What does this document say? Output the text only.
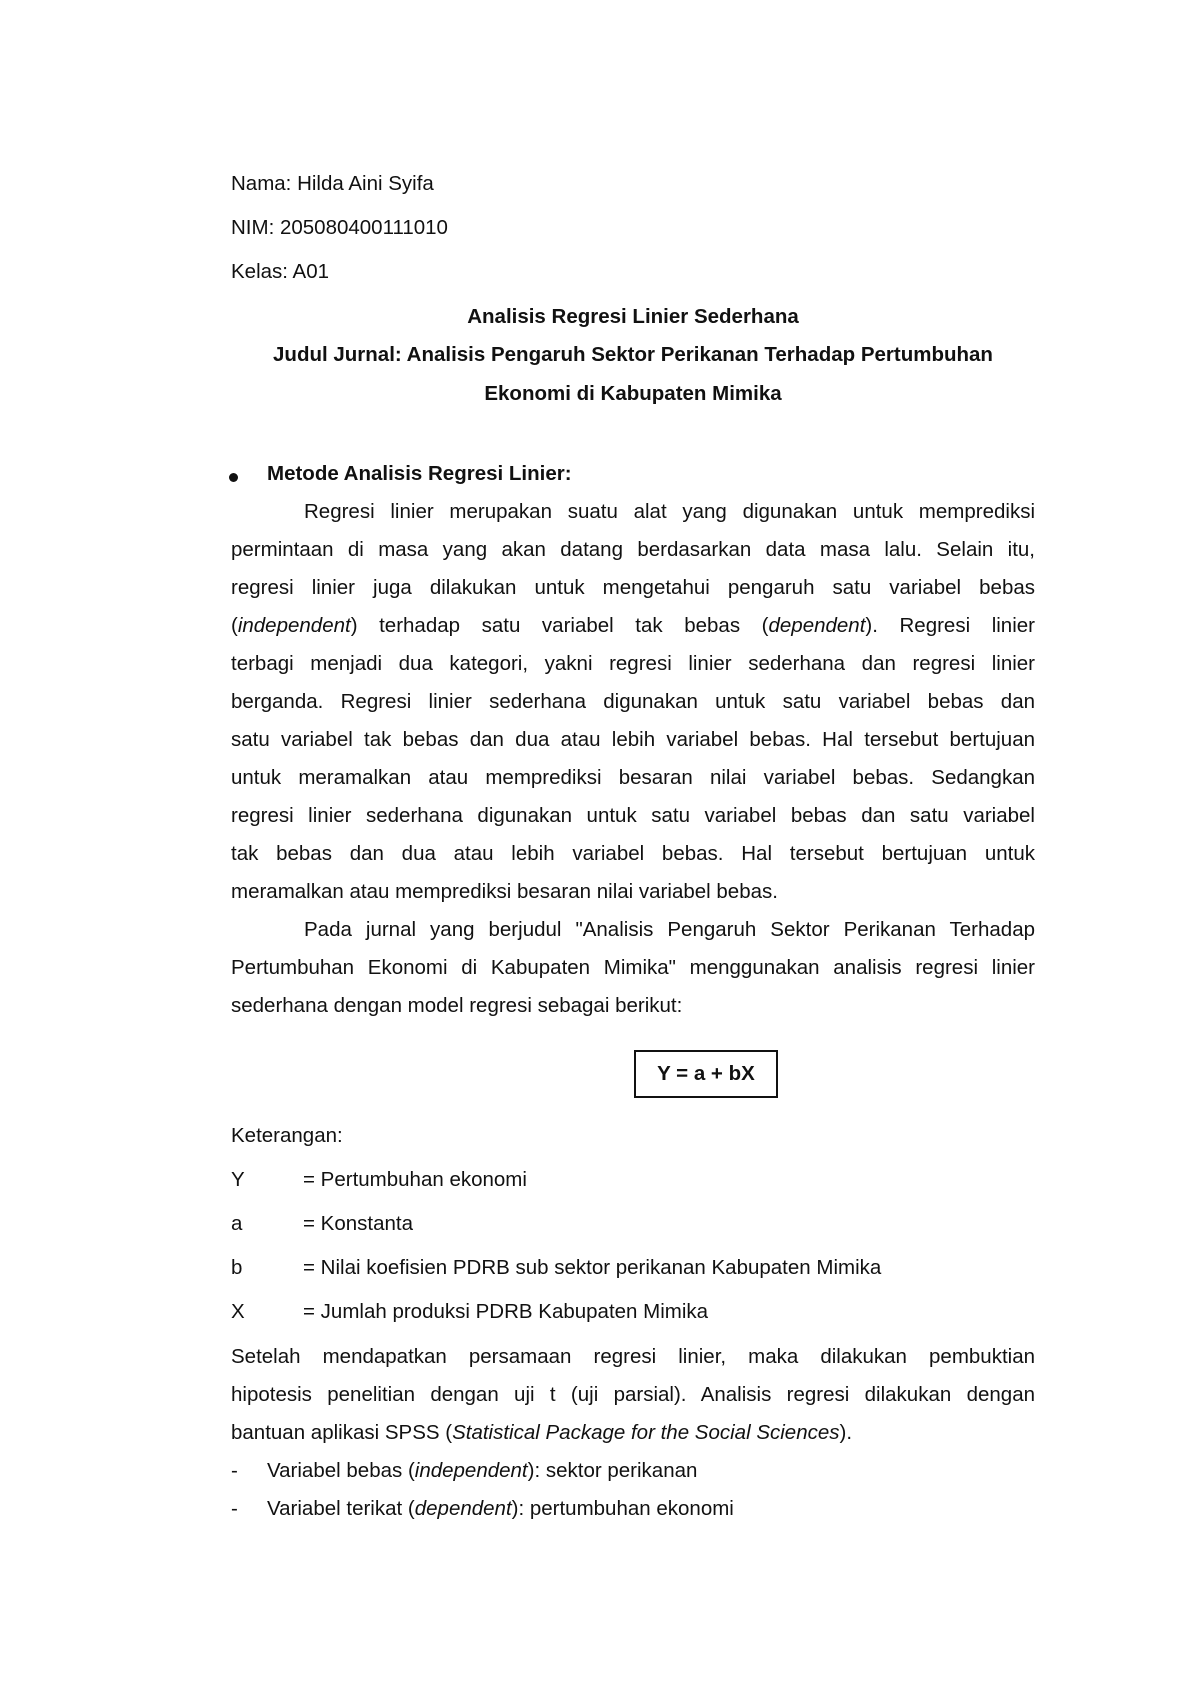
Nama: Hilda Aini Syifa
NIM: 205080400111010
Kelas: A01
Analisis Regresi Linier Sederhana
Judul Jurnal: Analisis Pengaruh Sektor Perikanan Terhadap Pertumbuhan
Ekonomi di Kabupaten Mimika
Metode Analisis Regresi Linier:
Regresi linier merupakan suatu alat yang digunakan untuk memprediksi
permintaan di masa yang akan datang berdasarkan data masa lalu. Selain itu,
regresi linier juga dilakukan untuk mengetahui pengaruh satu variabel bebas
(independent) terhadap satu variabel tak bebas (dependent). Regresi linier
terbagi menjadi dua kategori, yakni regresi linier sederhana dan regresi linier
berganda. Regresi linier sederhana digunakan untuk satu variabel bebas dan
satu variabel tak bebas dan dua atau lebih variabel bebas. Hal tersebut bertujuan
untuk meramalkan atau memprediksi besaran nilai variabel bebas. Sedangkan
regresi linier sederhana digunakan untuk satu variabel bebas dan satu variabel
tak bebas dan dua atau lebih variabel bebas. Hal tersebut bertujuan untuk
meramalkan atau memprediksi besaran nilai variabel bebas.
Pada jurnal yang berjudul "Analisis Pengaruh Sektor Perikanan Terhadap
Pertumbuhan Ekonomi di Kabupaten Mimika" menggunakan analisis regresi linier
sederhana dengan model regresi sebagai berikut:
Y = a + bX
Keterangan:
Y	= Pertumbuhan ekonomi
a	= Konstanta
b	= Nilai koefisien PDRB sub sektor perikanan Kabupaten Mimika
X	= Jumlah produksi PDRB Kabupaten Mimika
Setelah mendapatkan persamaan regresi linier, maka dilakukan pembuktian
hipotesis penelitian dengan uji t (uji parsial). Analisis regresi dilakukan dengan
bantuan aplikasi SPSS (Statistical Package for the Social Sciences).
- Variabel bebas (independent): sektor perikanan
- Variabel terikat (dependent): pertumbuhan ekonomi
